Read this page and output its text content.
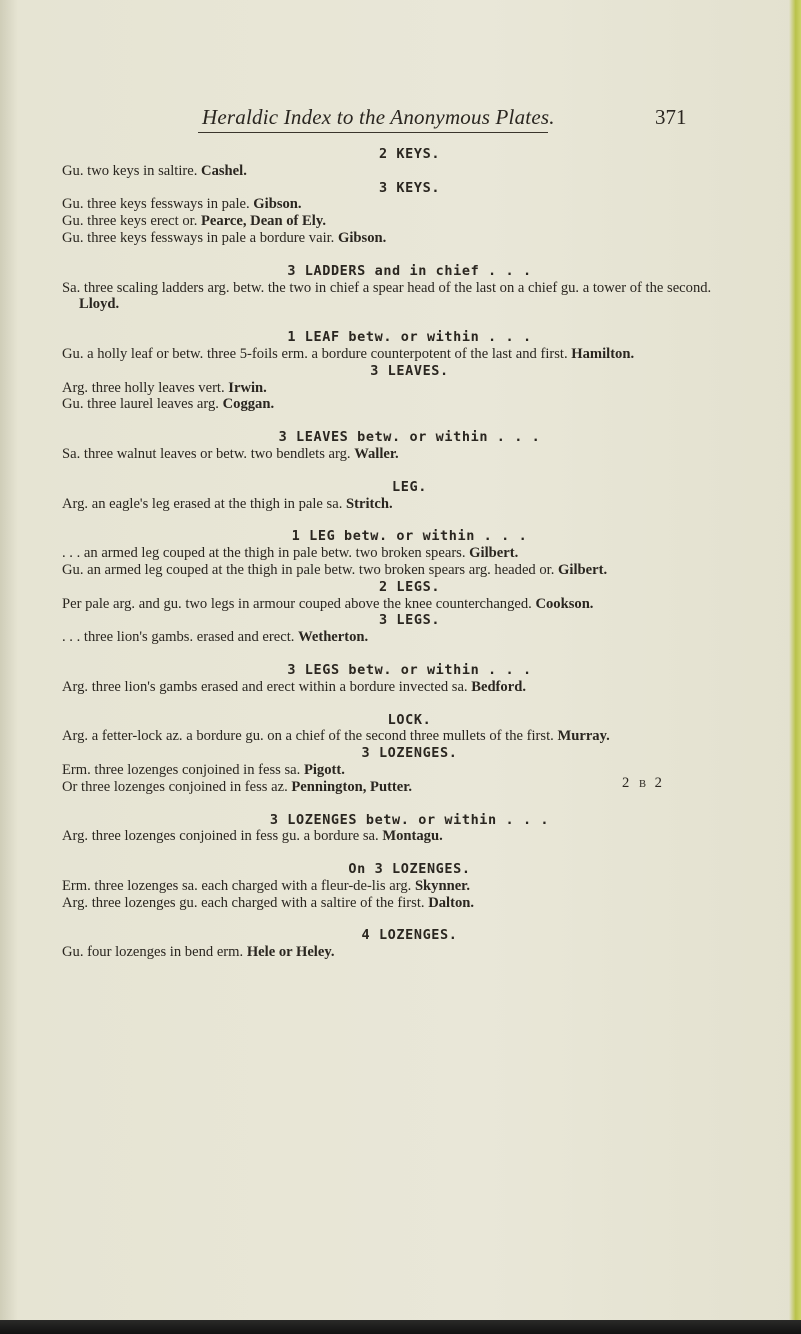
Heraldic Index to the Anonymous Plates.	371

2 KEYS.

Gu. two keys in saltire. Cashel.

3 KEYS.

Gu. three keys fessways in pale. Gibson.

Gu. three keys erect or. Pearce, Dean of Ely.

Gu. three keys fessways in pale a bordure vair. Gibson.

3 LADDERS and in chief . . .

Sa. three scaling ladders arg. betw. the two in chief a spear head of the last on a chief gu. a tower of the second. Lloyd.

1 LEAF betw. or within . . .

Gu. a holly leaf or betw. three 5-foils erm. a bordure counterpotent of the last and first. Hamilton.

3 LEAVES.

Arg. three holly leaves vert. Irwin.

Gu. three laurel leaves arg. Coggan.

3 LEAVES betw. or within . . .

Sa. three walnut leaves or betw. two bendlets arg. Waller.

LEG.

Arg. an eagle's leg erased at the thigh in pale sa. Stritch.

1 LEG betw. or within . . .

. . . an armed leg couped at the thigh in pale betw. two broken spears. Gilbert.

Gu. an armed leg couped at the thigh in pale betw. two broken spears arg. headed or. Gilbert.

2 LEGS.

Per pale arg. and gu. two legs in armour couped above the knee counterchanged. Cookson.

3 LEGS.

. . . three lion's gambs. erased and erect. Wetherton.

3 LEGS betw. or within . . .

Arg. three lion's gambs erased and erect within a bordure invected sa. Bedford.

LOCK.

Arg. a fetter-lock az. a bordure gu. on a chief of the second three mullets of the first. Murray.

3 LOZENGES.

Erm. three lozenges conjoined in fess sa. Pigott.

Or three lozenges conjoined in fess az. Pennington, Putter.

3 LOZENGES betw. or within . . .

Arg. three lozenges conjoined in fess gu. a bordure sa. Montagu.

On 3 LOZENGES.

Erm. three lozenges sa. each charged with a fleur-de-lis arg. Skynner.

Arg. three lozenges gu. each charged with a saltire of the first. Dalton.

4 LOZENGES.

Gu. four lozenges in bend erm. Hele or Heley.

2 B 2
